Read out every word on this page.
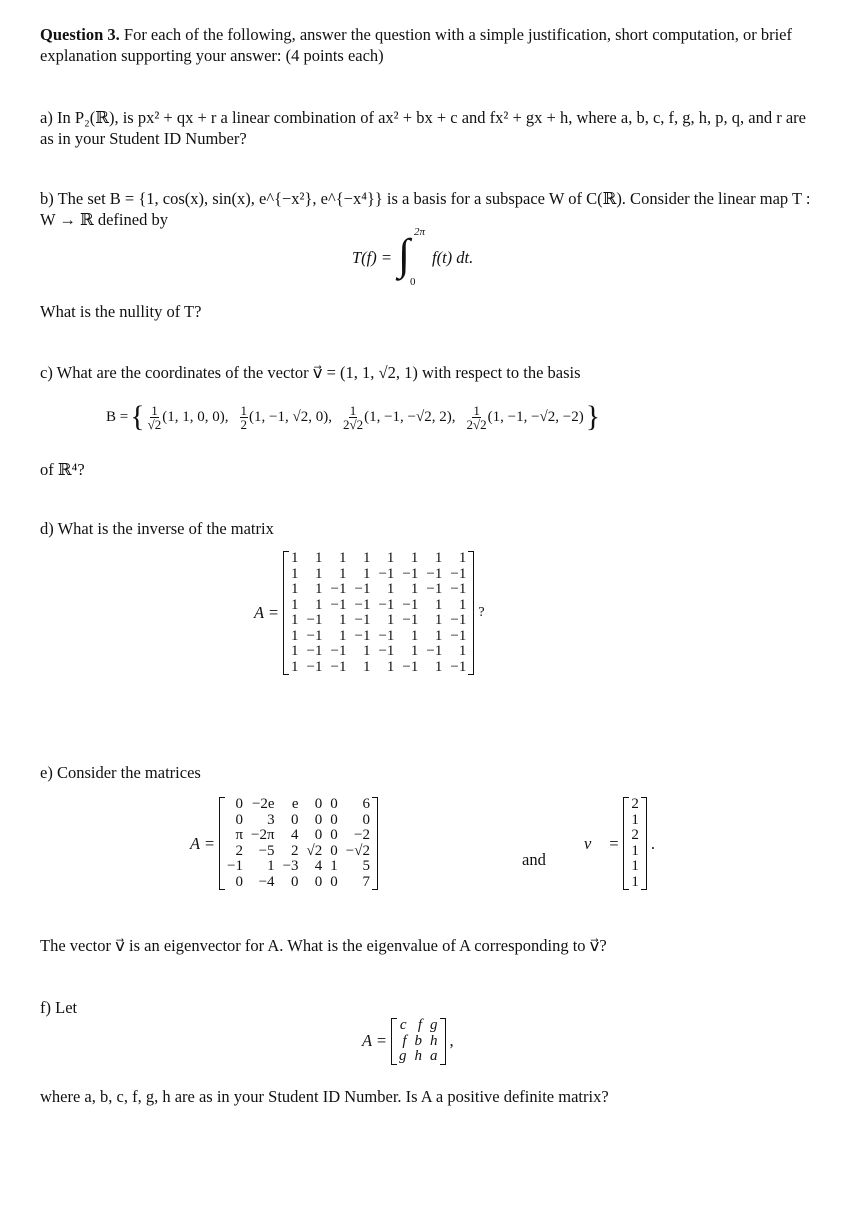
Question 3. For each of the following, answer the question with a simple justification, short computation, or brief explanation supporting your answer: (4 points each)
a) In P₂(ℝ), is px² + qx + r a linear combination of ax² + bx + c and fx² + gx + h, where a, b, c, f, g, h, p, q, and r are as in your Student ID Number?
b) The set B = {1, cos(x), sin(x), e^{−x²}, e^{−x⁴}} is a basis for a subspace W of C(ℝ). Consider the linear map T : W → ℝ defined by
T(f) = ∫ 2π
0
f(t) dt.
What is the nullity of T?
c) What are the coordinates of the vector v⃗ = (1, 1, √2, 1) with respect to the basis
B = { $\frac{1}{√2} (1$, 1, 0, 0), $\frac{1}{2} (1$, −1, √2, 0), $\frac{1}{2√2} (1$, −1, −√2, 2), $\frac{1}{2√2} (1$, −1, −√2, −2) }
of ℝ⁴?
d) What is the inverse of the matrix
A =
1	1	1	1	1	1	1	1
1	1	1	1	−1	−1	−1	−1
1	1	−1	−1	1	1	−1	−1
1	1	−1	−1	−1	−1	1	1
1	−1	1	−1	1	−1	1	−1
1	−1	1	−1	−1	1	1	−1
1	−1	−1	1	−1	1	−1	1
1	−1	−1	1	1	−1	1	−1
?
e) Consider the matrices
A =
0	−2e	e	0	0	6
0	3	0	0	0	0
π	−2π	4	0	0	−2
2	−5	2	√2	0	−√2
−1	1	−3	4	1	5
0	−4	0	0	0	7
and
v⃗ =
2
1
2
1
1
1
.
The vector v⃗ is an eigenvector for A. What is the eigenvalue of A corresponding to v⃗?
f) Let
A =
c	f	g
f	b	h
g	h	a
,
where a, b, c, f, g, h are as in your Student ID Number. Is A a positive definite matrix?
